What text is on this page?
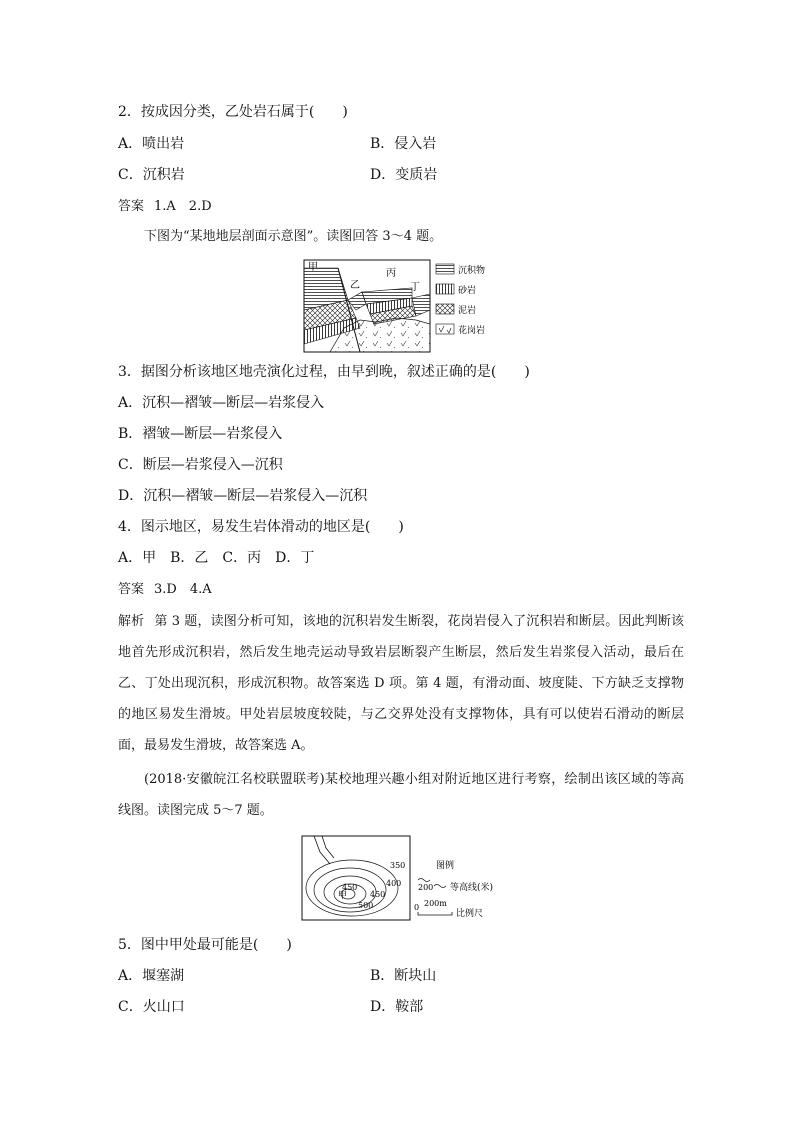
2．按成因分类，乙处岩石属于(　　)
A．喷出岩	B．侵入岩
C．沉积岩	D．变质岩
答案 1.A　2.D
下图为“某地地层剖面示意图”。读图回答 3～4 题。
甲
乙
丙
丁
沉积物
砂岩
泥岩
花岗岩
3．据图分析该地区地壳演化过程，由早到晚，叙述正确的是(　　)
A．沉积—褶皱—断层—岩浆侵入
B．褶皱—断层—岩浆侵入
C．断层—岩浆侵入—沉积
D．沉积—褶皱—断层—岩浆侵入—沉积
4．图示地区，易发生岩体滑动的地区是(　　)
A．甲　B．乙　C．丙　D．丁
答案 3.D　4.A
解析 第 3 题，读图分析可知，该地的沉积岩发生断裂，花岗岩侵入了沉积岩和断层。因此判断该地首先形成沉积岩，然后发生地壳运动导致岩层断裂产生断层，然后发生岩浆侵入活动，最后在乙、丁处出现沉积，形成沉积物。故答案选 D 项。第 4 题，有滑动面、坡度陡、下方缺乏支撑物的地区易发生滑坡。甲处岩层坡度较陡，与乙交界处没有支撑物体，具有可以使岩石滑动的断层面，最易发生滑坡，故答案选 A。
(2018·安徽皖江名校联盟联考)某校地理兴趣小组对附近地区进行考察，绘制出该区域的等高线图。读图完成 5～7 题。
350
400
450
450
500
甲
图例
200 等高线(米)
0 200m
比例尺
5．图中甲处最可能是(　　)
A．堰塞湖	B．断块山
C．火山口	D．鞍部
